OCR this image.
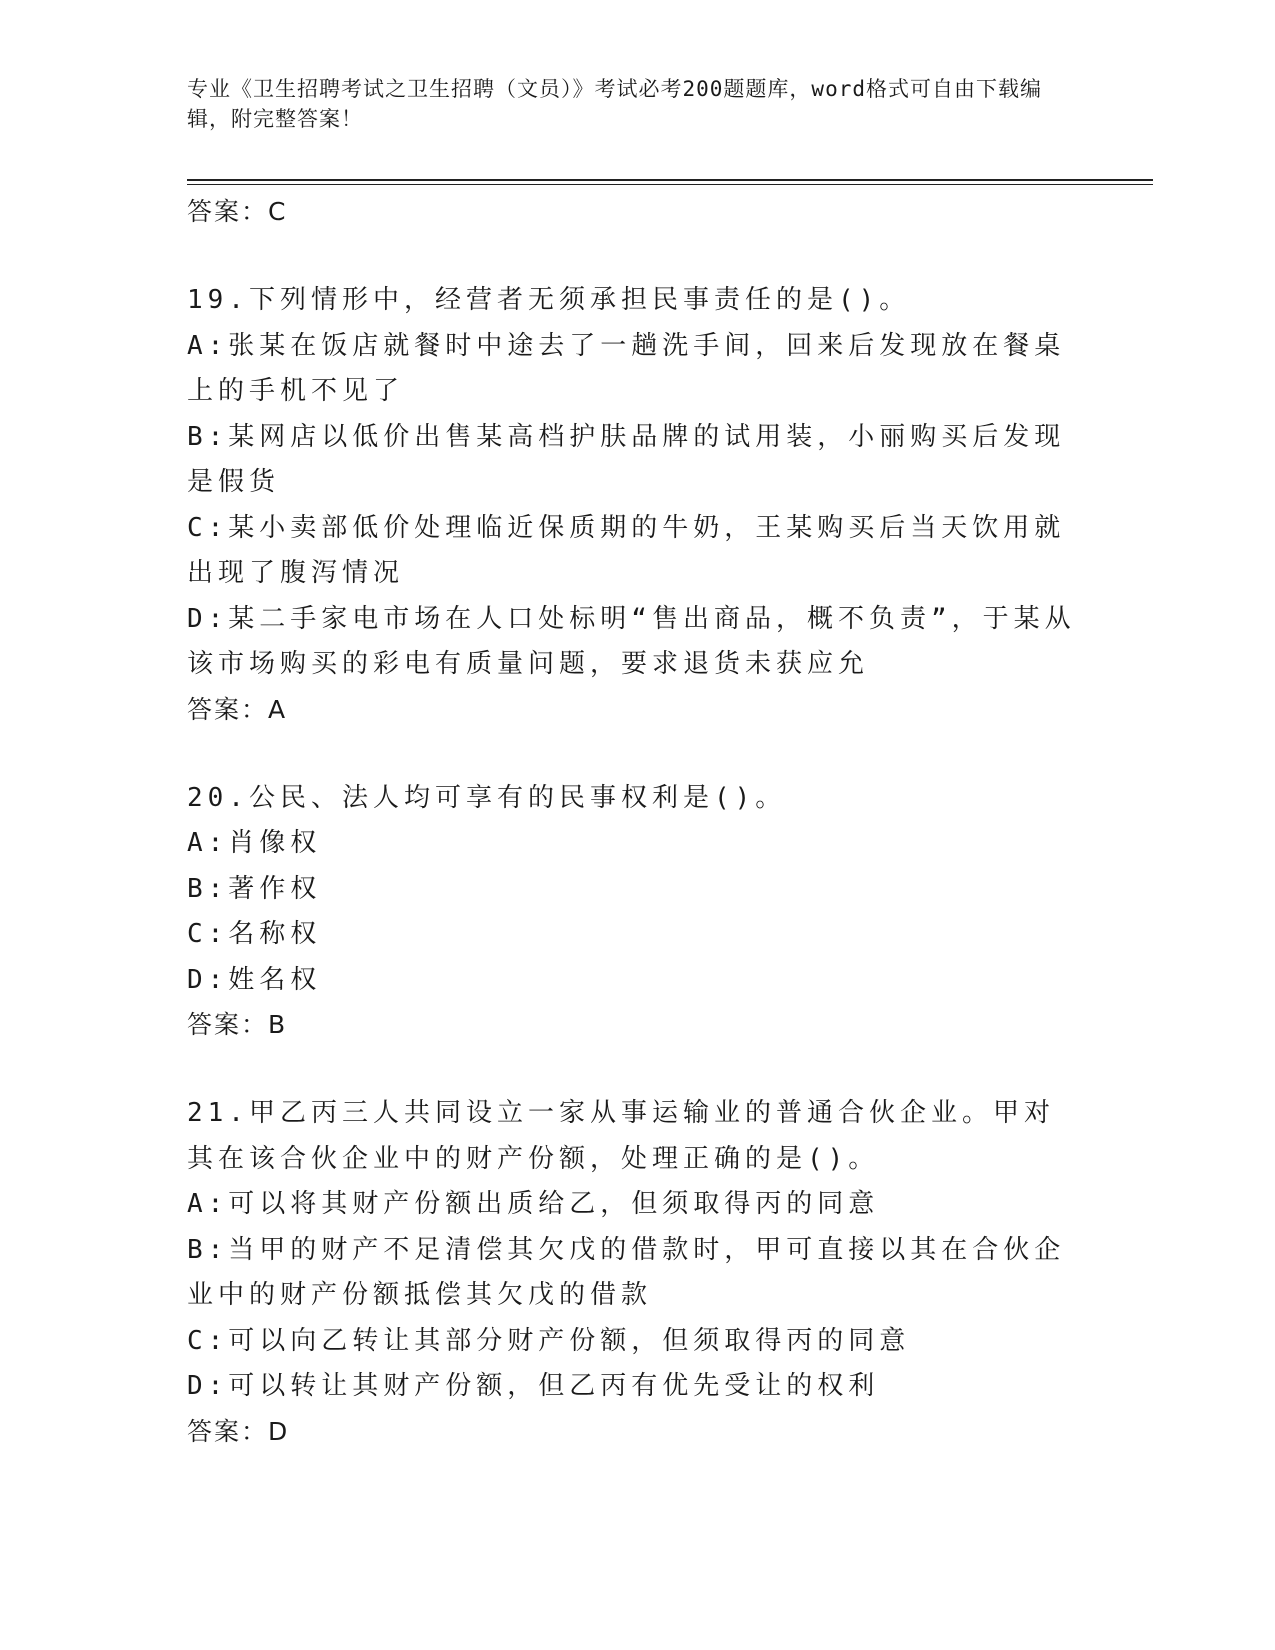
专业《卫生招聘考试之卫生招聘（文员）》考试必考200题题库，word格式可自由下载编辑，附完整答案！
答案：C
19.下列情形中，经营者无须承担民事责任的是()。
A:张某在饭店就餐时中途去了一趟洗手间，回来后发现放在餐桌上的手机不见了
B:某网店以低价出售某高档护肤品牌的试用装，小丽购买后发现是假货
C:某小卖部低价处理临近保质期的牛奶，王某购买后当天饮用就出现了腹泻情况
D:某二手家电市场在人口处标明“售出商品，概不负责”，于某从该市场购买的彩电有质量问题，要求退货未获应允
答案：A
20.公民、法人均可享有的民事权利是()。
A:肖像权
B:著作权
C:名称权
D:姓名权
答案：B
21.甲乙丙三人共同设立一家从事运输业的普通合伙企业。甲对其在该合伙企业中的财产份额，处理正确的是()。
A:可以将其财产份额出质给乙，但须取得丙的同意
B:当甲的财产不足清偿其欠戊的借款时，甲可直接以其在合伙企业中的财产份额抵偿其欠戊的借款
C:可以向乙转让其部分财产份额，但须取得丙的同意
D:可以转让其财产份额，但乙丙有优先受让的权利
答案：D
